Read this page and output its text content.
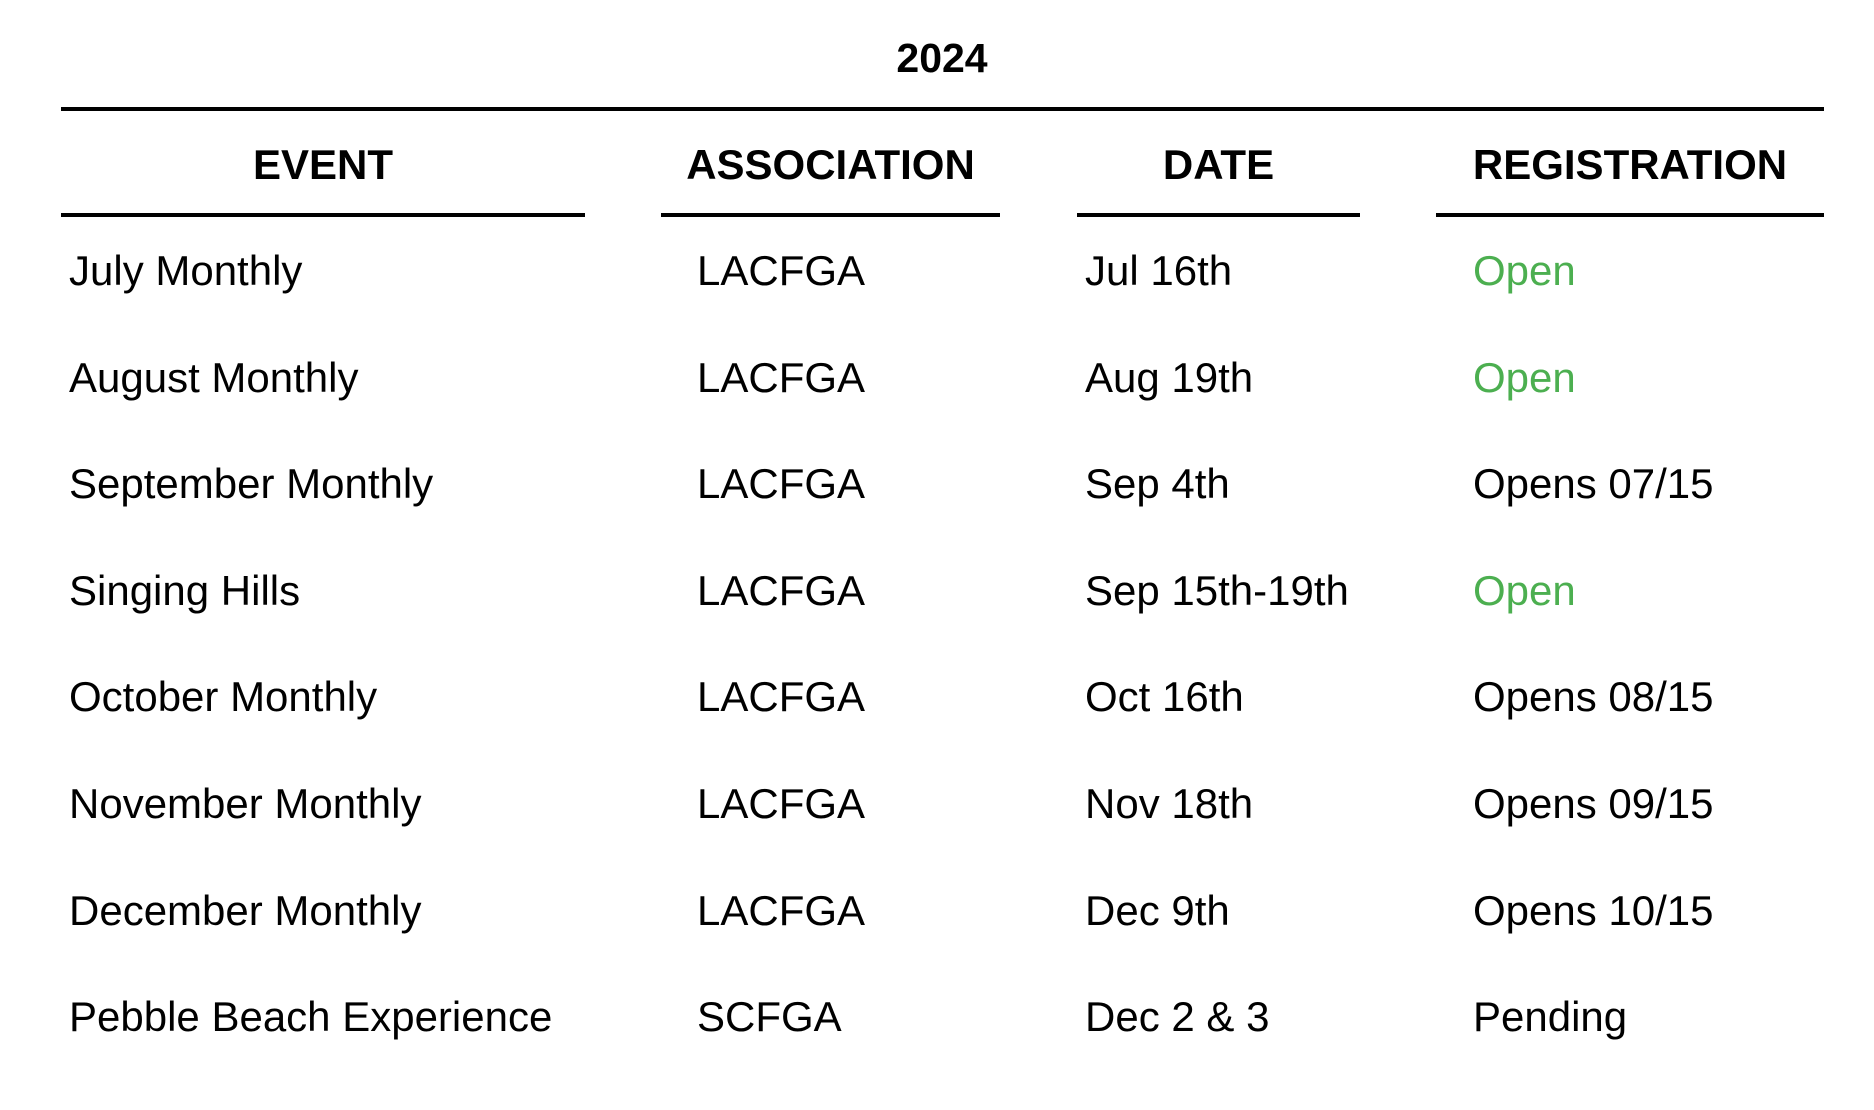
2024
EVENT	ASSOCIATION	DATE	REGISTRATION
July Monthly	LACFGA	Jul 16th	Open
August Monthly	LACFGA	Aug 19th	Open
September Monthly	LACFGA	Sep 4th	Opens 07/15
Singing Hills	LACFGA	Sep 15th-19th	Open
October Monthly	LACFGA	Oct 16th	Opens 08/15
November Monthly	LACFGA	Nov 18th	Opens 09/15
December Monthly	LACFGA	Dec 9th	Opens 10/15
Pebble Beach Experience	SCFGA	Dec 2 & 3	Pending
